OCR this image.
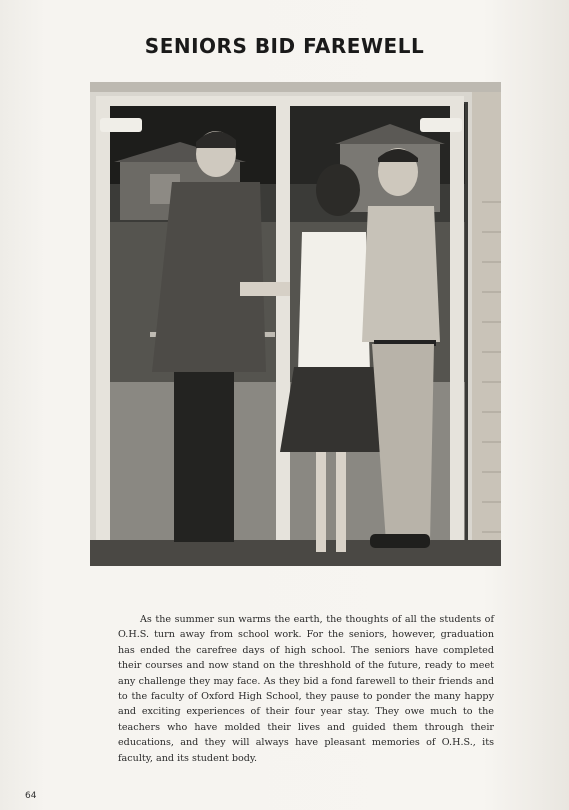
SENIORS BID FAREWELL

As the summer sun warms the earth, the thoughts of all the students of O.H.S. turn away from school work. For the seniors, however, graduation has ended the carefree days of high school. The seniors have completed their courses and now stand on the threshhold of the future, ready to meet any challenge they may face. As they bid a fond farewell to their friends and to the faculty of Oxford High School, they pause to ponder the many happy and exciting experiences of their four year stay. They owe much to the teachers who have molded their lives and guided them through their educations, and they will always have pleasant memories of O.H.S., its faculty, and its student body.

64
